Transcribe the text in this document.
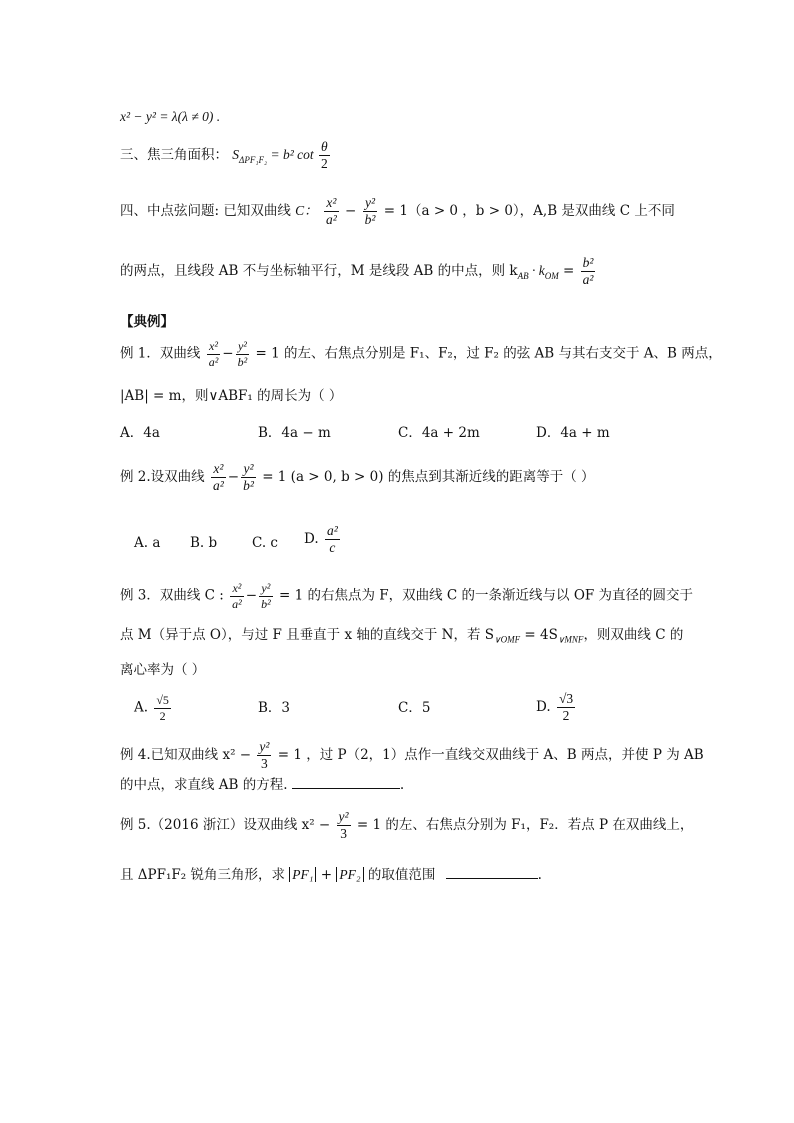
x² − y² = λ(λ ≠ 0) .
三、焦三角面积： $S_{\Delta PF_1F_2} = b^2$ $\cot \frac{\theta}{2}$
四、中点弦问题: 已知双曲线 C： $\frac{\text{x²}}{\text{a²}} - \frac{\text{y²}}{\text{b²}} = 1(a > 0$ ，b > 0），A,B 是双曲线 C 上不同
的两点，且线段 AB 不与坐标轴平行，M 是线段 AB 的中点，则 $k_{AB} \cdot k_{OM} = \frac{\text{b²}}{\text{a²}}$
【典例】
例 1．双曲线 $\frac{\text{x²}}{\text{a²}} - \frac{\text{y²}}{\text{b²}} = 1$ 的左、右焦点分别是 F₁、F₂，过 F₂ 的弦 AB 与其右支交于 A、B 两点，
|AB| = m，则∨ABF₁ 的周长为（ ）
A．4a	B．4a − m	C．4a + 2m	D．4a + m
例 2.设双曲线 $\frac{\text{x²}}{\text{a²}} - \frac{\text{y²}}{\text{b²}} = 1$ (a > 0, b > 0) 的焦点到其渐近线的距离等于（ ）
A. a B. b	C. c D. $\frac{\text{a²}}{c}$
例 3．双曲线 C : $\frac{\text{x²}}{\text{a²}} - \frac{\text{y²}}{\text{b²}} = 1$ 的右焦点为 F，双曲线 C 的一条渐近线与以 OF 为直径的圆交于
点 M（异于点 O），与过 F 且垂直于 x 轴的直线交于 N，若 $S_{\vee OMF} = 4S_{\vee MNF}$，则双曲线 C 的
离心率为（ ）
A. $\frac{√5}{2}$	B．3	C．5	D. $\frac{√3}{2}$
例 4.已知双曲线 $x^2 - \frac{\text{y²}}{3} = 1$ ，过 P（2，1）点作一直线交双曲线于 A、B 两点，并使 P 为 AB
的中点，求直线 AB 的方程.	.
例 5.（2016 浙江）设双曲线 $x^2 - \frac{\text{y²}}{3} = 1$ 的左、右焦点分别为 F₁，F₂．若点 P 在双曲线上，
且 ΔPF₁F₂ 锐角三角形，求 PF₁ + PF₂ 的取值范围	.
